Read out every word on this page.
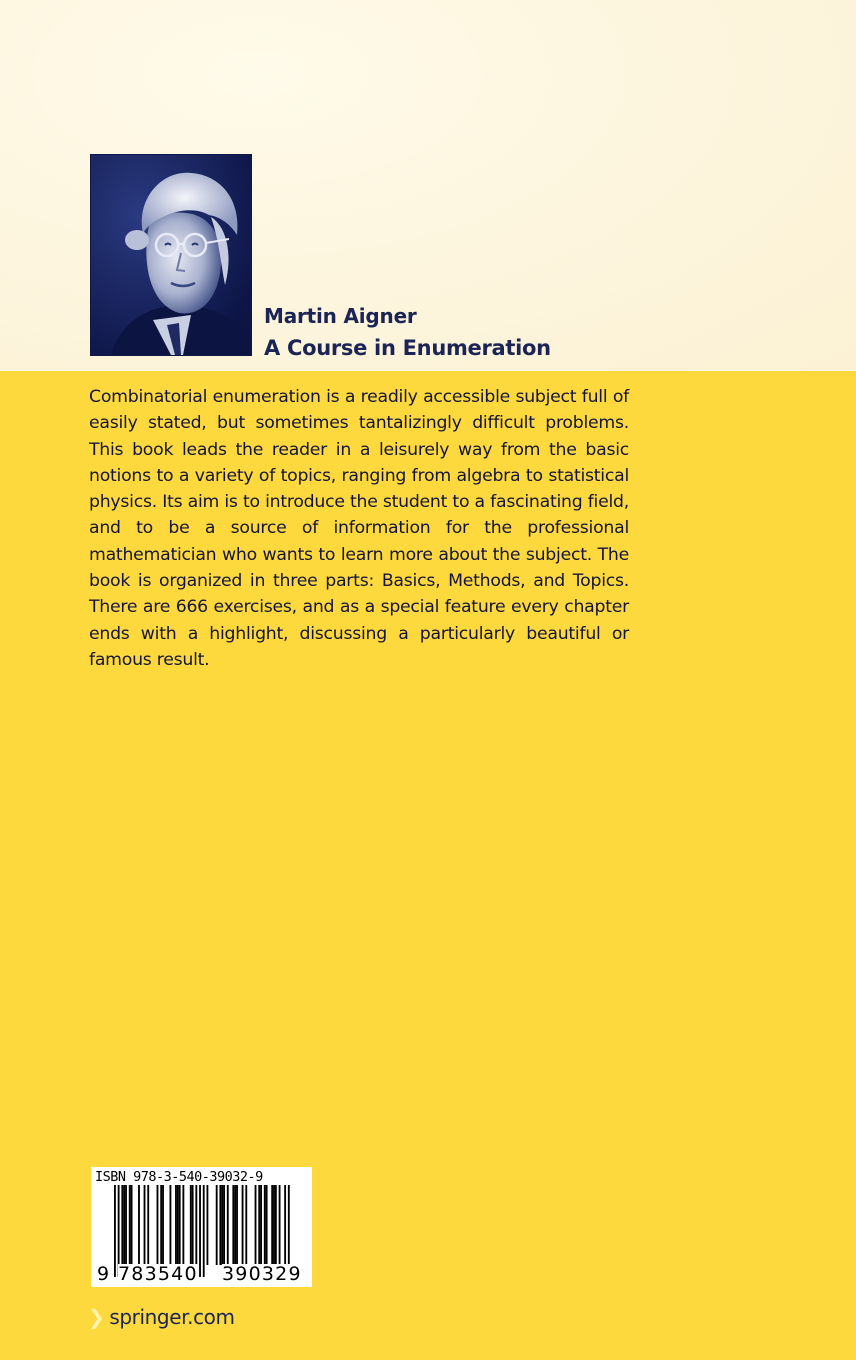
Martin Aigner
A Course in Enumeration

Combinatorial enumeration is a readily accessible subject full of easily stated, but sometimes tantalizingly difficult problems. This book leads the reader in a leisurely way from the basic notions to a variety of topics, ranging from algebra to statistical physics. Its aim is to introduce the student to a fascinating field, and to be a source of information for the professional mathematician who wants to learn more about the subject. The book is organized in three parts: Basics, Methods, and Topics. There are 666 exercises, and as a special feature every chapter ends with a highlight, discussing a particularly beautiful or famous result.

ISBN 978-3-540-39032-9
9 783540 390329
❯ springer.com
